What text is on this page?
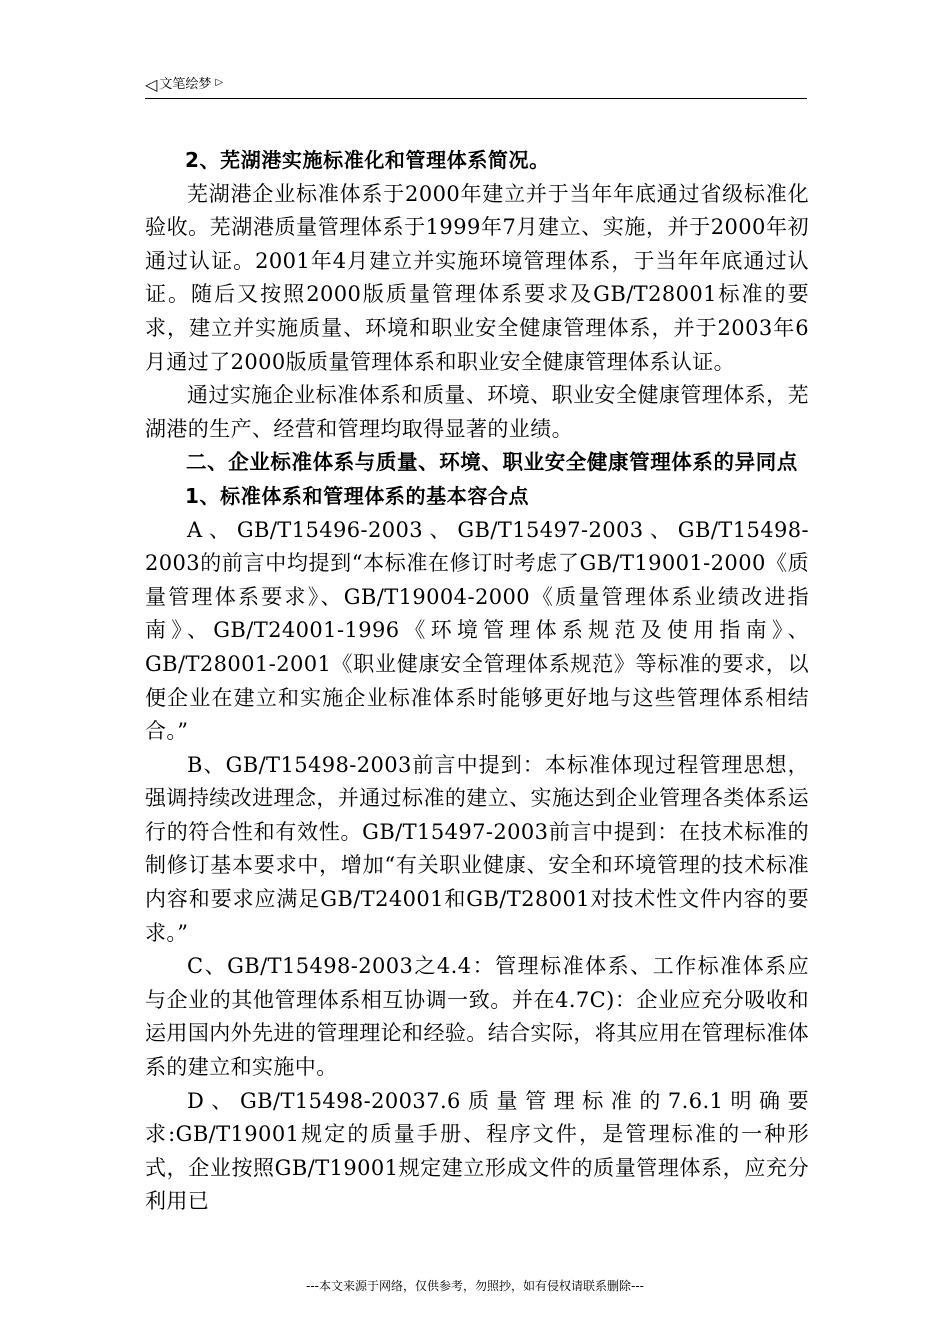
◁ 文笔绘梦 ▷

2、芜湖港实施标准化和管理体系简况。

芜湖港企业标准体系于2000年建立并于当年年底通过省级标准化验收。芜湖港质量管理体系于1999年7月建立、实施，并于2000年初通过认证。2001年4月建立并实施环境管理体系，于当年年底通过认证。随后又按照2000版质量管理体系要求及GB/T28001标准的要求，建立并实施质量、环境和职业安全健康管理体系，并于2003年6月通过了2000版质量管理体系和职业安全健康管理体系认证。

通过实施企业标准体系和质量、环境、职业安全健康管理体系，芜湖港的生产、经营和管理均取得显著的业绩。

二、企业标准体系与质量、环境、职业安全健康管理体系的异同点

1、标准体系和管理体系的基本容合点

A、GB/T15496-2003、GB/T15497-2003、GB/T15498-2003的前言中均提到“本标准在修订时考虑了GB/T19001-2000《质量管理体系要求》、GB/T19004-2000《质量管理体系业绩改进指南》、GB/T24001-1996《环境管理体系规范及使用指南》、GB/T28001-2001《职业健康安全管理体系规范》等标准的要求，以便企业在建立和实施企业标准体系时能够更好地与这些管理体系相结合。”

B、GB/T15498-2003前言中提到：本标准体现过程管理思想，强调持续改进理念，并通过标准的建立、实施达到企业管理各类体系运行的符合性和有效性。GB/T15497-2003前言中提到：在技术标准的制修订基本要求中，增加“有关职业健康、安全和环境管理的技术标准内容和要求应满足GB/T24001和GB/T28001对技术性文件内容的要求。”

C、GB/T15498-2003之4.4：管理标准体系、工作标准体系应与企业的其他管理体系相互协调一致。并在4.7C)：企业应充分吸收和运用国内外先进的管理理论和经验。结合实际，将其应用在管理标准体系的建立和实施中。

D、GB/T15498-20037.6质量管理标准的7.6.1明确要求:GB/T19001规定的质量手册、程序文件，是管理标准的一种形式，企业按照GB/T19001规定建立形成文件的质量管理体系，应充分利用已

---本文来源于网络，仅供参考，勿照抄，如有侵权请联系删除---
